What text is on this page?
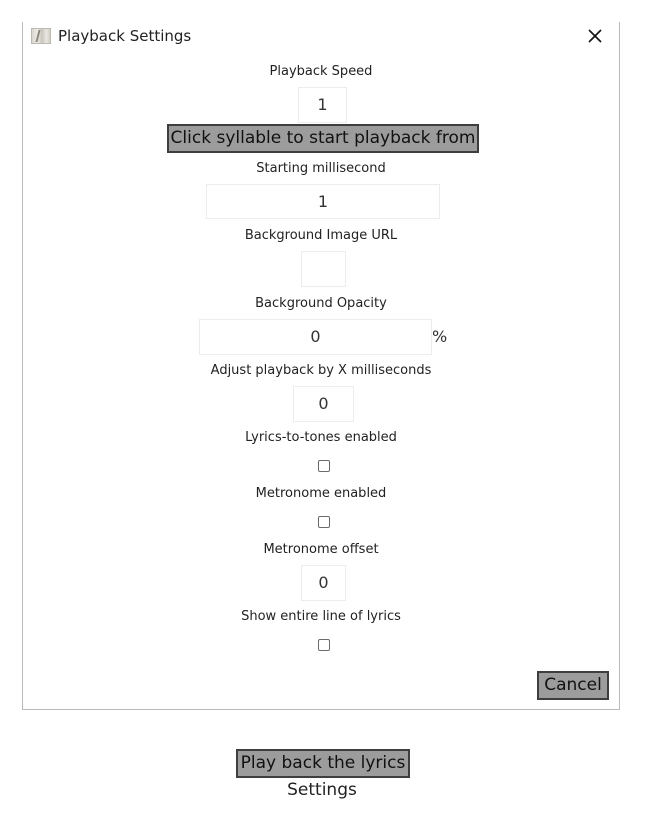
Playback Settings
Playback Speed
1
Click syllable to start playback from
Starting millisecond
1
Background Image URL
Background Opacity
0	%
Adjust playback by X milliseconds
0
Lyrics-to-tones enabled
Metronome enabled
Metronome offset
0
Show entire line of lyrics
Cancel
Play back the lyrics
Settings
